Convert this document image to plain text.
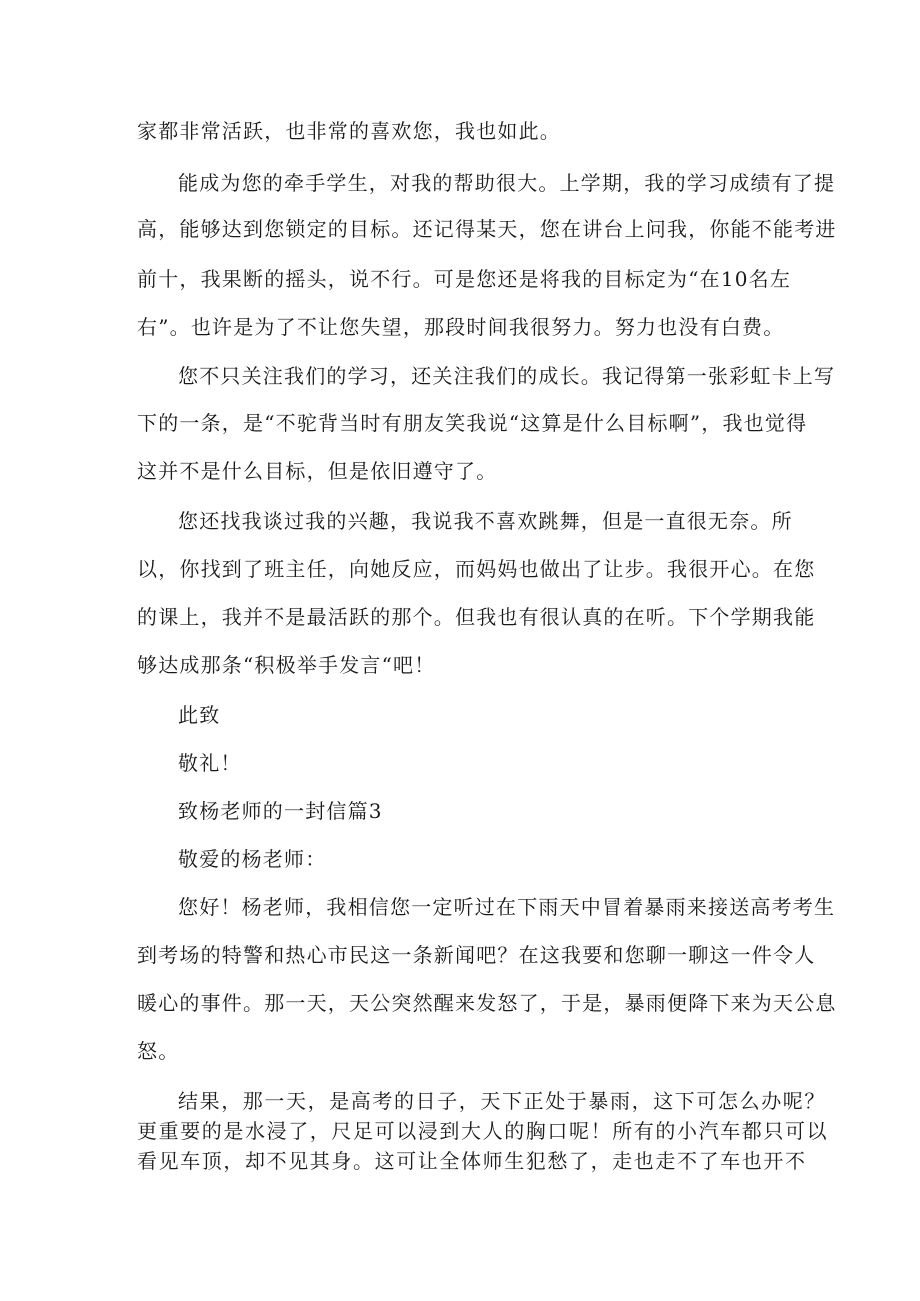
家都非常活跃，也非常的喜欢您，我也如此。
能成为您的牵手学生，对我的帮助很大。上学期，我的学习成绩有了提
高，能够达到您锁定的目标。还记得某天，您在讲台上问我，你能不能考进
前十，我果断的摇头，说不行。可是您还是将我的目标定为“在10名左
右”。也许是为了不让您失望，那段时间我很努力。努力也没有白费。
您不只关注我们的学习，还关注我们的成长。我记得第一张彩虹卡上写
下的一条，是“不驼背当时有朋友笑我说“这算是什么目标啊”，我也觉得
这并不是什么目标，但是依旧遵守了。
您还找我谈过我的兴趣，我说我不喜欢跳舞，但是一直很无奈。所
以，你找到了班主任，向她反应，而妈妈也做出了让步。我很开心。在您
的课上，我并不是最活跃的那个。但我也有很认真的在听。下个学期我能
够达成那条“积极举手发言“吧！
此致
敬礼！
致杨老师的一封信篇3
敬爱的杨老师：
您好！杨老师，我相信您一定听过在下雨天中冒着暴雨来接送高考考生
到考场的特警和热心市民这一条新闻吧？在这我要和您聊一聊这一件令人
暖心的事件。那一天，天公突然醒来发怒了，于是，暴雨便降下来为天公息
怒。
结果，那一天，是高考的日子，天下正处于暴雨，这下可怎么办呢？
更重要的是水浸了，尺足可以浸到大人的胸口呢！所有的小汽车都只可以
看见车顶，却不见其身。这可让全体师生犯愁了，走也走不了车也开不
